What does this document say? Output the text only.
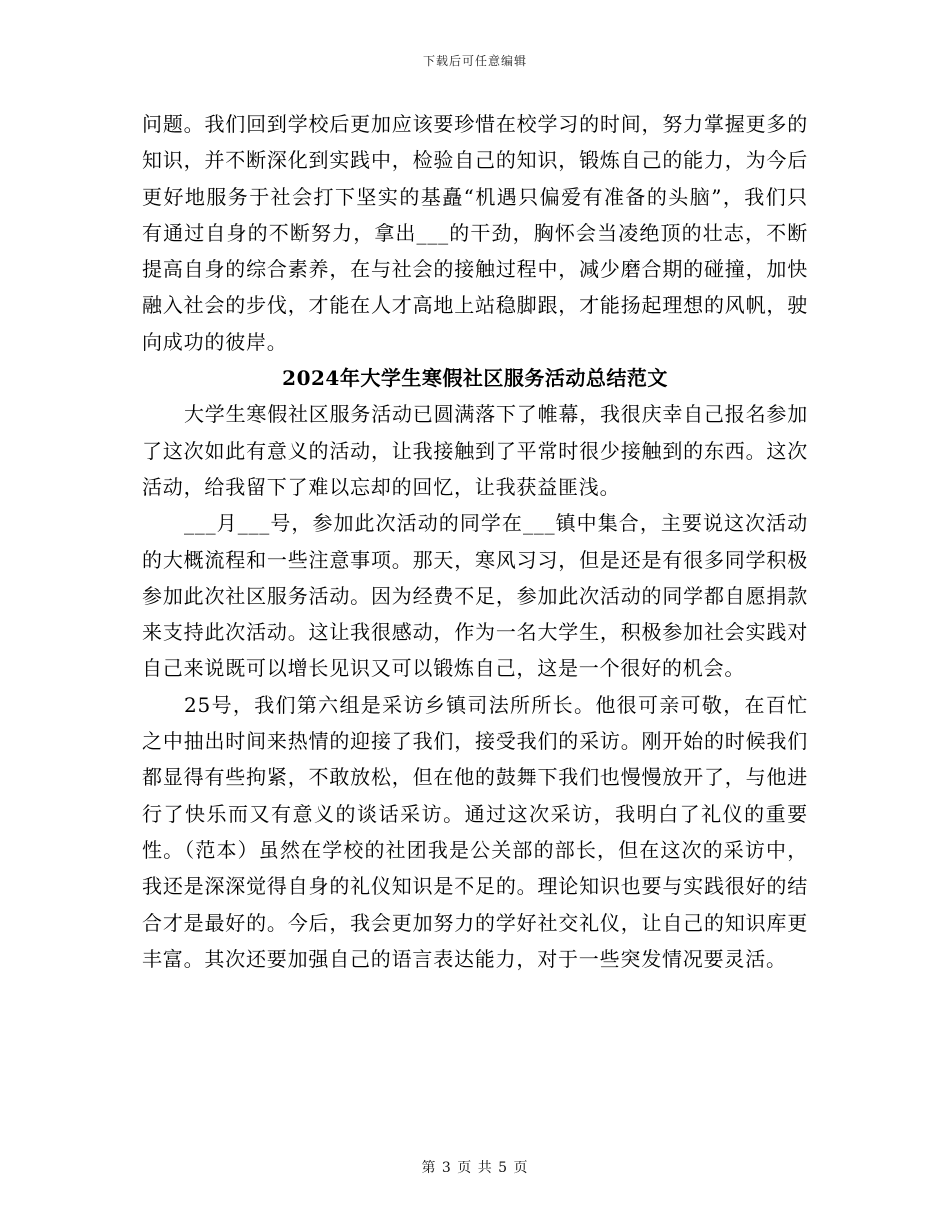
下载后可任意编辑

问题。我们回到学校后更加应该要珍惜在校学习的时间，努力掌握更多的知识，并不断深化到实践中，检验自己的知识，锻炼自己的能力，为今后更好地服务于社会打下坚实的基矗“机遇只偏爱有准备的头脑”，我们只有通过自身的不断努力，拿出___的干劲，胸怀会当凌绝顶的壮志，不断提高自身的综合素养，在与社会的接触过程中，减少磨合期的碰撞，加快融入社会的步伐，才能在人才高地上站稳脚跟，才能扬起理想的风帆，驶向成功的彼岸。

2024年大学生寒假社区服务活动总结范文

大学生寒假社区服务活动已圆满落下了帷幕，我很庆幸自己报名参加了这次如此有意义的活动，让我接触到了平常时很少接触到的东西。这次活动，给我留下了难以忘却的回忆，让我获益匪浅。

___月___号，参加此次活动的同学在___镇中集合，主要说这次活动的大概流程和一些注意事项。那天，寒风习习，但是还是有很多同学积极参加此次社区服务活动。因为经费不足，参加此次活动的同学都自愿捐款来支持此次活动。这让我很感动，作为一名大学生，积极参加社会实践对自己来说既可以增长见识又可以锻炼自己，这是一个很好的机会。

25号，我们第六组是采访乡镇司法所所长。他很可亲可敬，在百忙之中抽出时间来热情的迎接了我们，接受我们的采访。刚开始的时候我们都显得有些拘紧，不敢放松，但在他的鼓舞下我们也慢慢放开了，与他进行了快乐而又有意义的谈话采访。通过这次采访，我明白了礼仪的重要性。（范本）虽然在学校的社团我是公关部的部长，但在这次的采访中，我还是深深觉得自身的礼仪知识是不足的。理论知识也要与实践很好的结合才是最好的。今后，我会更加努力的学好社交礼仪，让自己的知识库更丰富。其次还要加强自己的语言表达能力，对于一些突发情况要灵活。

第 3 页 共 5 页
